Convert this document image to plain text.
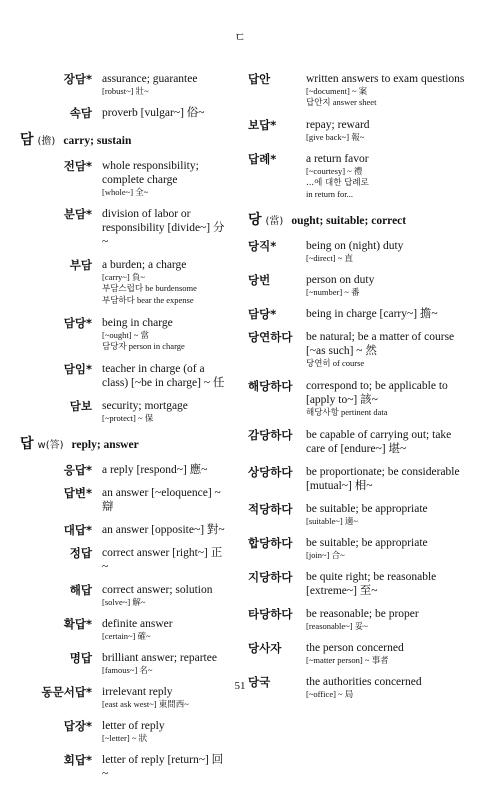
ㄷ
장담* assurance; guarantee
[robust~] 壯~
속담 proverb [vulgar~] 俗~
담 (擔) carry; sustain
전담* whole responsibility; complete charge
[whole~] 全~
분담* division of labor or responsibility [divide~] 分~
부담 a burden; a charge
[carry~] 負~
부담스럽다 be burdensome
부담하다 bear the expense
담당* being in charge
[~ought] ~ 當
담당자 person in charge
담임* teacher in charge (of a class) [~be in charge] ~ 任
담보 security; mortgage
[~protect] ~ 保
답 w(答) reply; answer
응답* a reply [respond~] 應~
답변* an answer [~eloquence] ~ 辯
대답* an answer [opposite~] 對~
정답 correct answer [right~] 正~
해답 correct answer; solution
[solve~] 解~
확답* definite answer
[certain~] 確~
명답 brilliant answer; repartee
[famous~] 名~
동문서답* irrelevant reply
[east ask west~] 東問西~
답장* letter of reply
[~letter] ~ 狀
회답* letter of reply [return~] 回~
답안	written answers to exam questions
[~document] ~ 案
답안지 answer sheet
보답*	repay; reward
[give back~] 報~
답례*	a return favor
[~courtesy] ~ 禮
...에 대한 답례로
in return for...
당 (當) ought; suitable; correct
당직*	being on (night) duty
[~direct] ~ 直
당번	person on duty
[~number] ~ 番
담당*	being in charge [carry~] 擔~
당연하다	be natural; be a matter of course [~as such] ~ 然
당연히 of course
해당하다	correspond to; be applicable to [apply to~] 該~
해당사항 pertinent data
감당하다	be capable of carrying out; take care of [endure~] 堪~
상당하다	be proportionate; be considerable [mutual~] 相~
적당하다	be suitable; be appropriate
[suitable~] 適~
합당하다	be suitable; be appropriate
[join~] 合~
지당하다	be quite right; be reasonable [extreme~] 至~
타당하다	be reasonable; be proper
[reasonable~] 妥~
당사자	the person concerned
[~matter person] ~ 事者
당국	the authorities concerned
[~office] ~ 局
51
